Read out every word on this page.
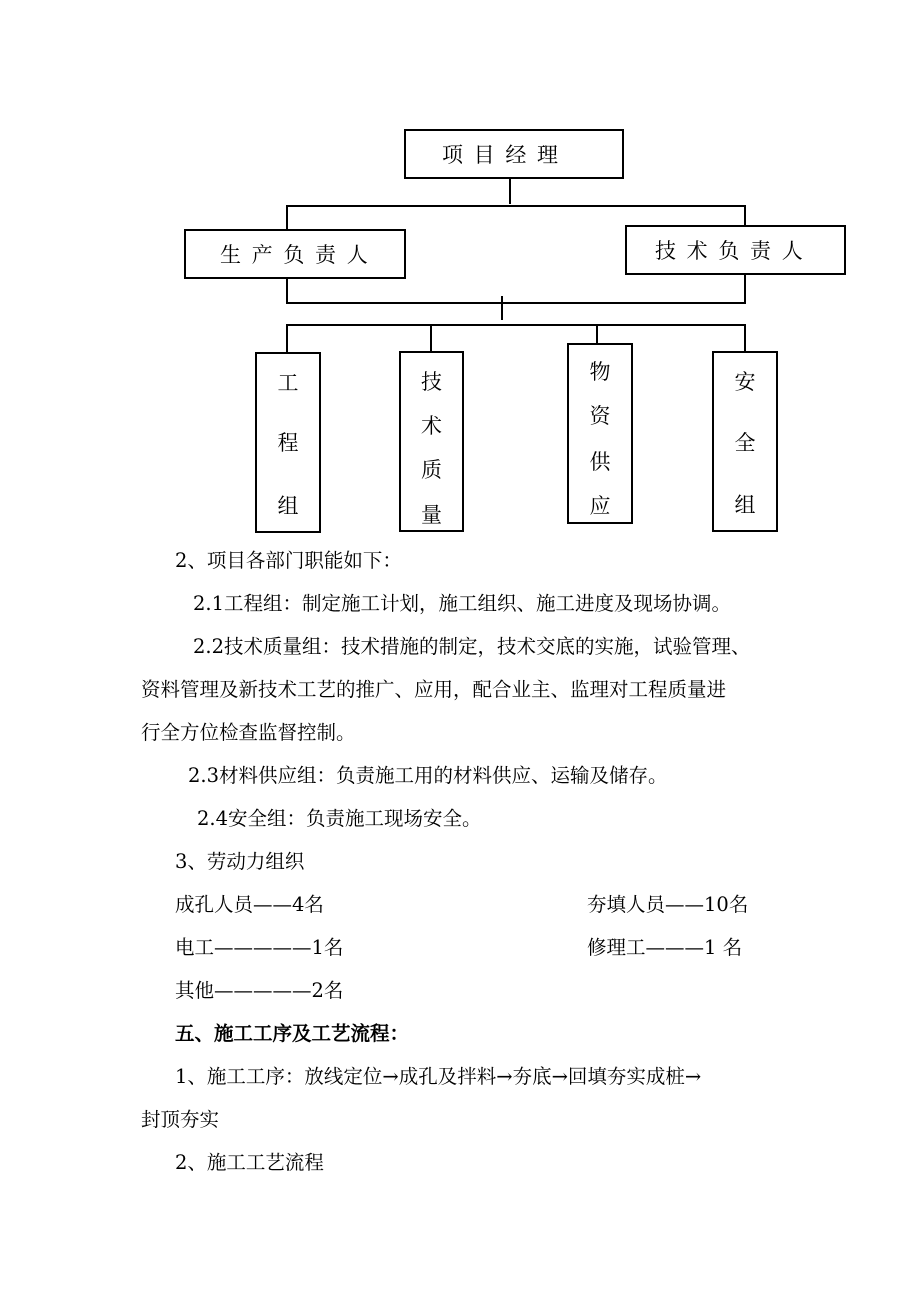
项 目 经 理
生 产 负 责 人	技 术 负 责 人
工
程
组
技
术
质
量
物
资
供
应
安
全
组
2、项目各部门职能如下：
2.1工程组：制定施工计划，施工组织、施工进度及现场协调。
2.2技术质量组：技术措施的制定，技术交底的实施，试验管理、
资料管理及新技术工艺的推广、应用，配合业主、监理对工程质量进
行全方位检查监督控制。
2.3材料供应组：负责施工用的材料供应、运输及储存。
2.4安全组：负责施工现场安全。
3、劳动力组织
成孔人员——4名	夯填人员——10名
电工—————1名	修理工———1 名
其他—————2名
五、施工工序及工艺流程：
1、施工工序：放线定位→成孔及拌料→夯底→回填夯实成桩→
封顶夯实
2、施工工艺流程
